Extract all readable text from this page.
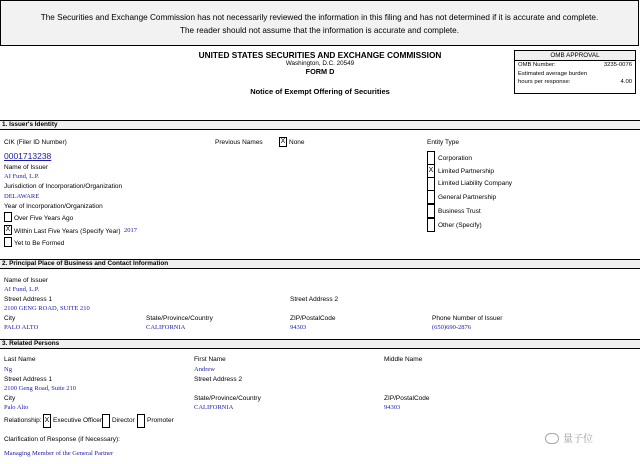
The Securities and Exchange Commission has not necessarily reviewed the information in this filing and has not determined if it is accurate and complete.
The reader should not assume that the information is accurate and complete.
UNITED STATES SECURITIES AND EXCHANGE COMMISSION
Washington, D.C. 20549
FORM D
Notice of Exempt Offering of Securities
OMB APPROVAL
OMB Number:	3235-0076
Estimated average burden
hours per response:	4.00
1. Issuer's Identity
CIK (Filer ID Number)
0001713238
Name of Issuer
AI Fund, L.P.
Jurisdiction of Incorporation/Organization
DELAWARE
Year of Incorporation/Organization
Over Five Years Ago
X Within Last Five Years (Specify Year) 2017
Yet to Be Formed
Previous Names	X None	Entity Type
Corporation
X Limited Partnership
Limited Liability Company
General Partnership
Business Trust
Other (Specify)
2. Principal Place of Business and Contact Information
Name of Issuer
AI Fund, L.P.
Street Address 1
2100 GENG ROAD, SUITE 210
Street Address 2
City
PALO ALTO
State/Province/Country
CALIFORNIA
ZIP/PostalCode
94303
Phone Number of Issuer
(650)690-2876
3. Related Persons
Last Name
Ng
First Name
Andrew
Middle Name
Street Address 1
2100 Geng Road, Suite 210
Street Address 2
City
Palo Alto
State/Province/Country
CALIFORNIA
ZIP/PostalCode
94303
Relationship: X Executive Officer Director Promoter
Clarification of Response (if Necessary):
Managing Member of the General Partner
量子位
